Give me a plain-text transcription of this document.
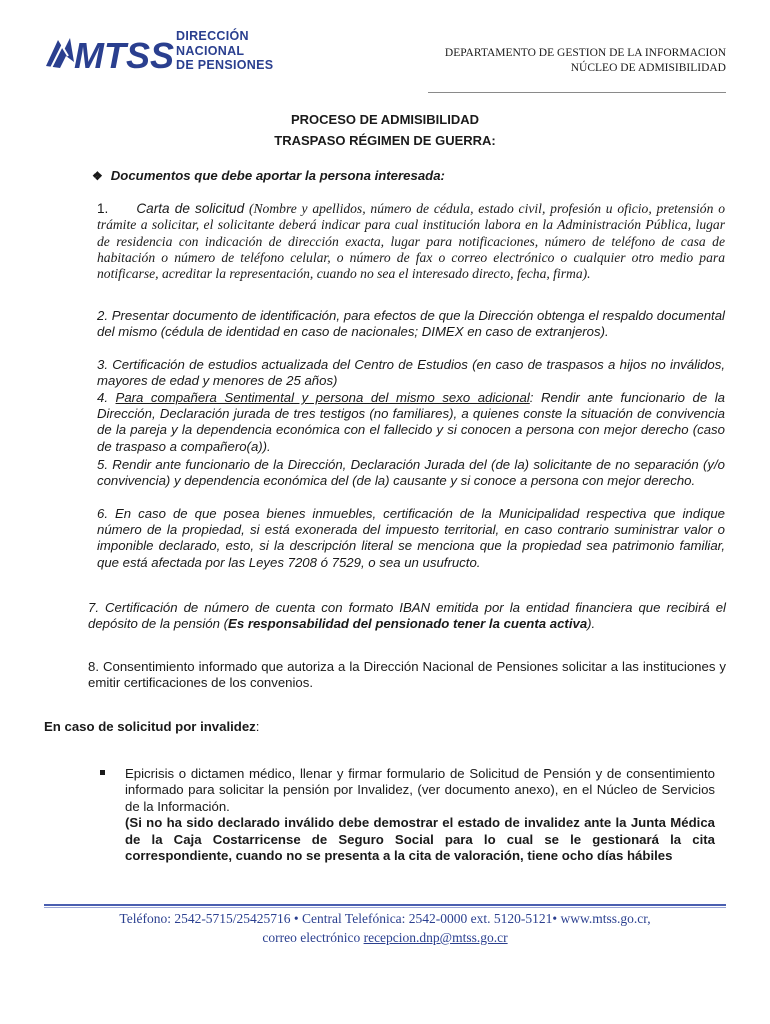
MTSS DIRECCIÓN
NACIONAL
DE PENSIONES
DEPARTAMENTO DE GESTION DE LA INFORMACION
NÚCLEO DE ADMISIBILIDAD
PROCESO DE ADMISIBILIDAD
TRASPASO RÉGIMEN DE GUERRA:
❖ Documentos que debe aportar la persona interesada:

1. Carta de solicitud (Nombre y apellidos, número de cédula, estado civil, profesión u oficio, pretensión o trámite a solicitar, el solicitante deberá indicar para cual institución labora en la Administración Pública, lugar de residencia con indicación de dirección exacta, lugar para notificaciones, número de teléfono de casa de habitación o número de teléfono celular, o número de fax o correo electrónico o cualquier otro medio para notificarse, acreditar la representación, cuando no sea el interesado directo, fecha, firma).

2. Presentar documento de identificación, para efectos de que la Dirección obtenga el respaldo documental del mismo (cédula de identidad en caso de nacionales; DIMEX en caso de extranjeros).

3. Certificación de estudios actualizada del Centro de Estudios (en caso de traspasos a hijos no inválidos, mayores de edad y menores de 25 años)

4. Para compañera Sentimental y persona del mismo sexo adicional: Rendir ante funcionario de la Dirección, Declaración jurada de tres testigos (no familiares), a quienes conste la situación de convivencia de la pareja y la dependencia económica con el fallecido y si conocen a persona con mejor derecho (caso de traspaso a compañero(a)).

5. Rendir ante funcionario de la Dirección, Declaración Jurada del (de la) solicitante de no separación (y/o convivencia) y dependencia económica del (de la) causante y si conoce a persona con mejor derecho.

6. En caso de que posea bienes inmuebles, certificación de la Municipalidad respectiva que indique número de la propiedad, si está exonerada del impuesto territorial, en caso contrario suministrar valor o imponible declarado, esto, si la descripción literal se menciona que la propiedad sea patrimonio familiar, que está afectada por las Leyes 7208 ó 7529, o sea un usufructo.

7. Certificación de número de cuenta con formato IBAN emitida por la entidad financiera que recibirá el depósito de la pensión (Es responsabilidad del pensionado tener la cuenta activa).

8. Consentimiento informado que autoriza a la Dirección Nacional de Pensiones solicitar a las instituciones y emitir certificaciones de los convenios.

En caso de solicitud por invalidez:

Epicrisis o dictamen médico, llenar y firmar formulario de Solicitud de Pensión y de consentimiento informado para solicitar la pensión por Invalidez, (ver documento anexo), en el Núcleo de Servicios de la Información.
(Si no ha sido declarado inválido debe demostrar el estado de invalidez ante la Junta Médica de la Caja Costarricense de Seguro Social para lo cual se le gestionará la cita correspondiente, cuando no se presenta a la cita de valoración, tiene ocho días hábiles

Teléfono: 2542-5715/25425716 • Central Telefónica: 2542-0000 ext. 5120-5121• www.mtss.go.cr,
correo electrónico recepcion.dnp@mtss.go.cr
